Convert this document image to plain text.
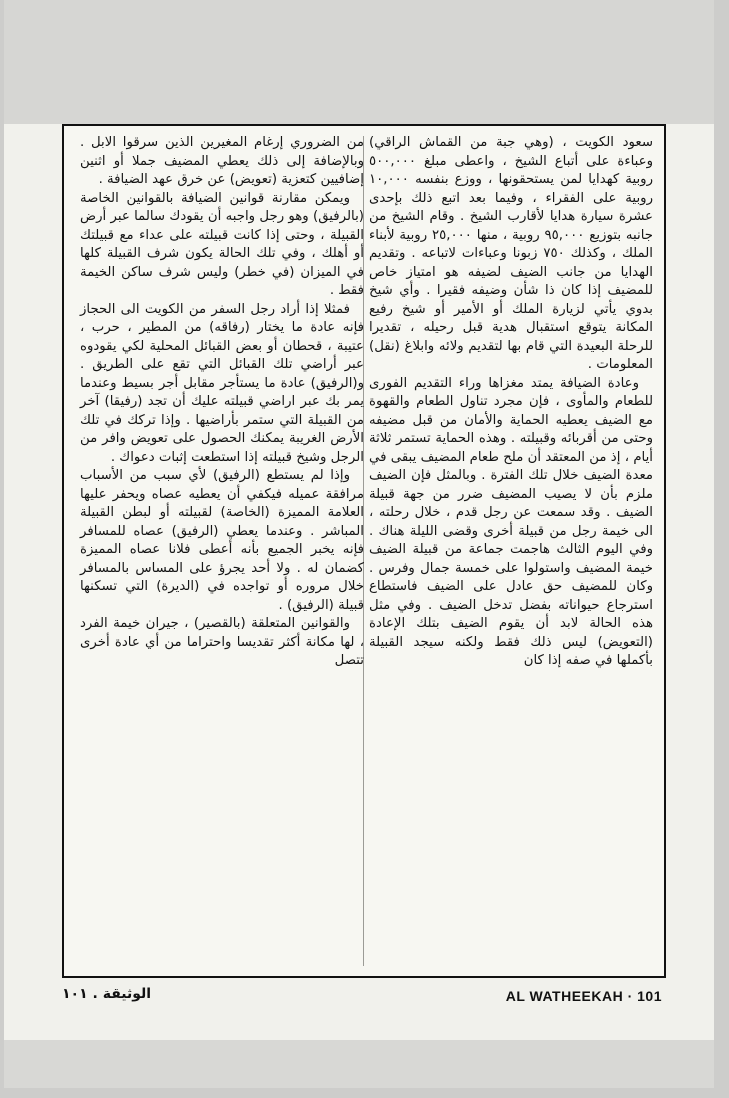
سعود الكويت ، (وهي جبة من القماش الراقي) وعباءة على أتباع الشيخ ، واعطى مبلغ ٥٠٠,٠٠٠ روبية كهدايا لمن يستحقونها ، ووزع بنفسه ١٠,٠٠٠ روبية على الفقراء ، وفيما بعد اتبع ذلك بإحدى عشرة سيارة هدايا لأقارب الشيخ . وقام الشيخ من جانبه بتوزيع ٩٥,٠٠٠ روبية ، منها ٢٥,٠٠٠ روبية لأبناء الملك ، وكذلك ٧٥٠ زبونا وعباءات لاتباعه . وتقديم الهدايا من جانب الضيف لضيفه هو امتياز خاص للمضيف إذا كان ذا شأن وضيفه فقيرا . وأي شيخ بدوي يأتي لزيارة الملك أو الأمير أو شيخ رفيع المكانة يتوقع استقبال هدية قبل رحيله ، تقديرا للرحلة البعيدة التي قام بها لتقديم ولائه وابلاغ (نقل) المعلومات .

وعادة الضيافة يمتد مغزاها وراء التقديم الفورى للطعام والمأوى ، فإن مجرد تناول الطعام والقهوة مع الضيف يعطيه الحماية والأمان من قبل مضيفه وحتى من أقربائه وقبيلته . وهذه الحماية تستمر ثلاثة أيام ، إذ من المعتقد أن ملح طعام المضيف يبقى في معدة الضيف خلال تلك الفترة . وبالمثل فإن الضيف ملزم بأن لا يصيب المضيف ضرر من جهة قبيلة الضيف . وقد سمعت عن رجل قدم ، خلال رحلته ، الى خيمة رجل من قبيلة أخرى وقضى الليلة هناك . وفي اليوم الثالث هاجمت جماعة من قبيلة الضيف خيمة المضيف واستولوا على خمسة جمال وفرس . وكان للمضيف حق عادل على الضيف فاستطاع استرجاع حيواناته بفضل تدخل الضيف . وفي مثل هذه الحالة لابد أن يقوم الضيف بتلك الإعادة (التعويض) ليس ذلك فقط ولكنه سيجد القبيلة بأكملها في صفه إذا كان

من الضروري إرغام المغيرين الذين سرقوا الابل . وبالإضافة إلى ذلك يعطي المضيف جملا أو اثنين إضافيين كتعزية (تعويض) عن خرق عهد الضيافة .

ويمكن مقارنة قوانين الضيافة بالقوانين الخاصة (بالرفيق) وهو رجل واجبه أن يقودك سالما عبر أرض القبيلة ، وحتى إذا كانت قبيلته على عداء مع قبيلتك أو أهلك ، وفي تلك الحالة يكون شرف القبيلة كلها في الميزان (في خطر) وليس شرف ساكن الخيمة فقط .

فمثلا إذا أراد رجل السفر من الكويت الى الحجاز فإنه عادة ما يختار (رفاقه) من المطير ، حرب ، عتيبة ، قحطان أو بعض القبائل المحلية لكي يقودوه عبر أراضي تلك القبائل التي تقع على الطريق . و(الرفيق) عادة ما يستأجر مقابل أجر بسيط وعندما يمر بك عبر اراضي قبيلته عليك أن تجد (رفيقا) آخر من القبيلة التي ستمر بأراضيها . وإذا تركك في تلك الأرض الغريبة يمكنك الحصول على تعويض وافر من الرجل وشيخ قبيلته إذا استطعت إثبات دعواك .

وإذا لم يستطع (الرفيق) لأي سبب من الأسباب مرافقة عميله فيكفي أن يعطيه عصاه ويحفر عليها العلامة المميزة (الخاصة) لقبيلته أو لبطن القبيلة المباشر . وعندما يعطي (الرفيق) عصاه للمسافر فإنه يخبر الجميع بأنه أعطى فلانا عصاه المميزة كضمان له . ولا أحد يجرؤ على المساس بالمسافر خلال مروره أو تواجده في (الديرة) التي تسكنها قبيلة (الرفيق) .

والقوانين المتعلقة (بالقصير) ، جيران خيمة الفرد ، لها مكانة أكثر تقديسا واحتراما من أي عادة أخرى تتصل

الوثيقة . ١٠١	AL WATHEEKAH · 101
